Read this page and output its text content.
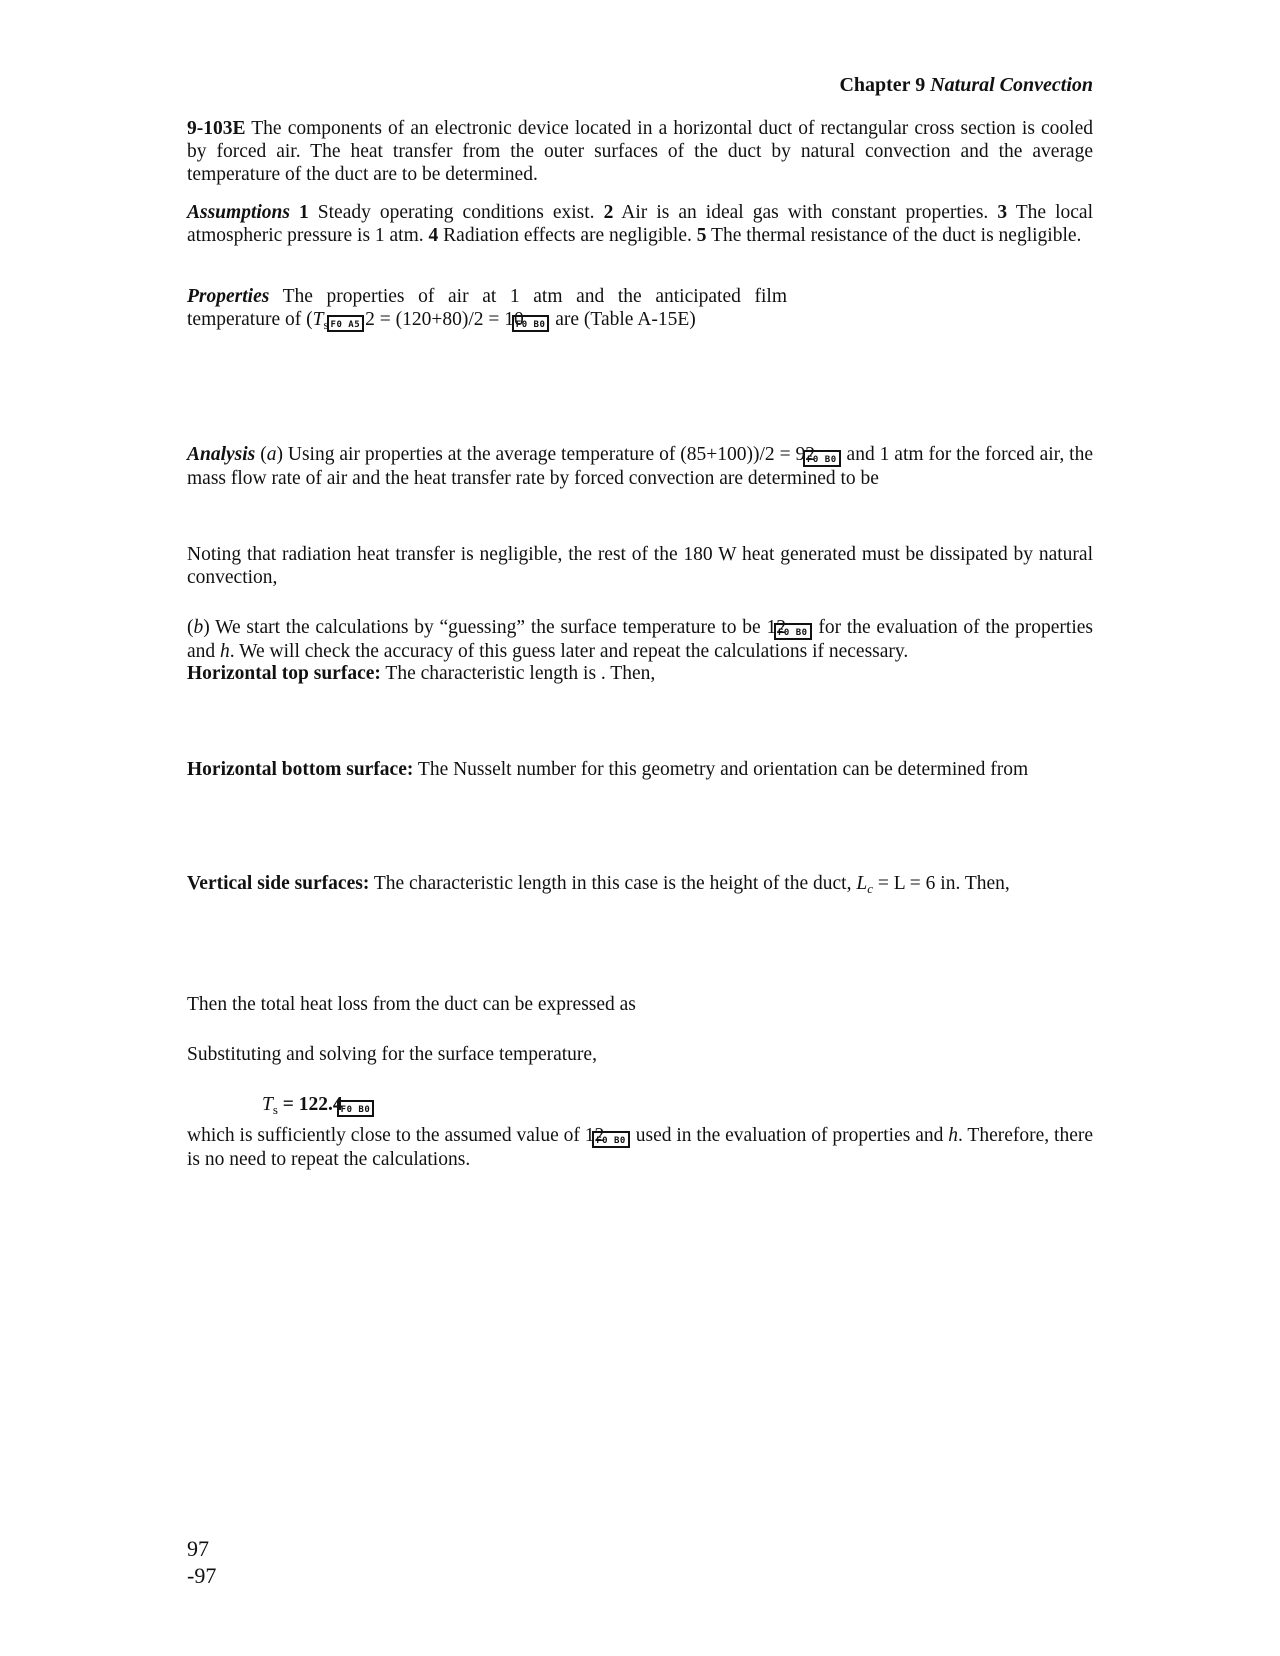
Chapter 9 Natural Convection
9-103E The components of an electronic device located in a horizontal duct of rectangular cross section is cooled by forced air. The heat transfer from the outer surfaces of the duct by natural convection and the average temperature of the duct are to be determined.
Assumptions 1 Steady operating conditions exist. 2 Air is an ideal gas with constant properties. 3 The local atmospheric pressure is 1 atm. 4 Radiation effects are negligible. 5 The thermal resistance of the duct is negligible.
Properties The properties of air at 1 atm and the anticipated film
temperature of ($T_s$ F0 A5 2 = (120+80)/2 = 10F0 B0 are (Table A-15E)
Analysis (a) Using air properties at the average temperature of (85+100))/2 = 92F0 B0 and 1 atm for the forced air, the mass flow rate of air and the heat transfer rate by forced convection are determined to be
Noting that radiation heat transfer is negligible, the rest of the 180 W heat generated must be dissipated by natural convection,
(b) We start the calculations by “guessing” the surface temperature to be 12F0 B0 for the evaluation of the properties and h. We will check the accuracy of this guess later and repeat the calculations if necessary.
Horizontal top surface: The characteristic length is . Then,
Horizontal bottom surface: The Nusselt number for this geometry and orientation can be determined from
Vertical side surfaces: The characteristic length in this case is the height of the duct, $L_c = L = 6$ in. Then,
Then the total heat loss from the duct can be expressed as
Substituting and solving for the surface temperature,
$T_s = 122.4F0$ B0
which is sufficiently close to the assumed value of 12F0 B0 used in the evaluation of properties and h. Therefore, there is no need to repeat the calculations.
97
-97
